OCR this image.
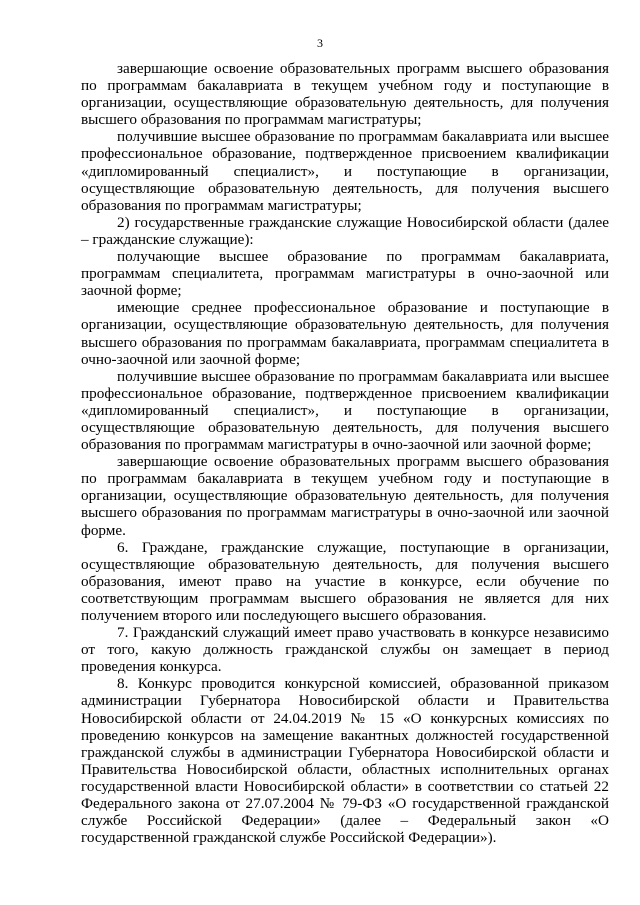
3

завершающие освоение образовательных программ высшего образования по программам бакалавриата в текущем учебном году и поступающие в организации, осуществляющие образовательную деятельность, для получения высшего образования по программам магистратуры;

получившие высшее образование по программам бакалавриата или высшее профессиональное образование, подтвержденное присвоением квалификации «дипломированный специалист», и поступающие в организации, осуществляющие образовательную деятельность, для получения высшего образования по программам магистратуры;

2) государственные гражданские служащие Новосибирской области (далее – гражданские служащие):

получающие высшее образование по программам бакалавриата, программам специалитета, программам магистратуры в очно-заочной или заочной форме;

имеющие среднее профессиональное образование и поступающие в организации, осуществляющие образовательную деятельность, для получения высшего образования по программам бакалавриата, программам специалитета в очно-заочной или заочной форме;

получившие высшее образование по программам бакалавриата или высшее профессиональное образование, подтвержденное присвоением квалификации «дипломированный специалист», и поступающие в организации, осуществляющие образовательную деятельность, для получения высшего образования по программам магистратуры в очно-заочной или заочной форме;

завершающие освоение образовательных программ высшего образования по программам бакалавриата в текущем учебном году и поступающие в организации, осуществляющие образовательную деятельность, для получения высшего образования по программам магистратуры в очно-заочной или заочной форме.

6. Граждане, гражданские служащие, поступающие в организации, осуществляющие образовательную деятельность, для получения высшего образования, имеют право на участие в конкурсе, если обучение по соответствующим программам высшего образования не является для них получением второго или последующего высшего образования.

7. Гражданский служащий имеет право участвовать в конкурсе независимо от того, какую должность гражданской службы он замещает в период проведения конкурса.

8. Конкурс проводится конкурсной комиссией, образованной приказом администрации Губернатора Новосибирской области и Правительства Новосибирской области от 24.04.2019 № 15 «О конкурсных комиссиях по проведению конкурсов на замещение вакантных должностей государственной гражданской службы в администрации Губернатора Новосибирской области и Правительства Новосибирской области, областных исполнительных органах государственной власти Новосибирской области» в соответствии со статьей 22 Федерального закона от 27.07.2004 № 79-ФЗ «О государственной гражданской службе Российской Федерации» (далее – Федеральный закон «О государственной гражданской службе Российской Федерации»).
